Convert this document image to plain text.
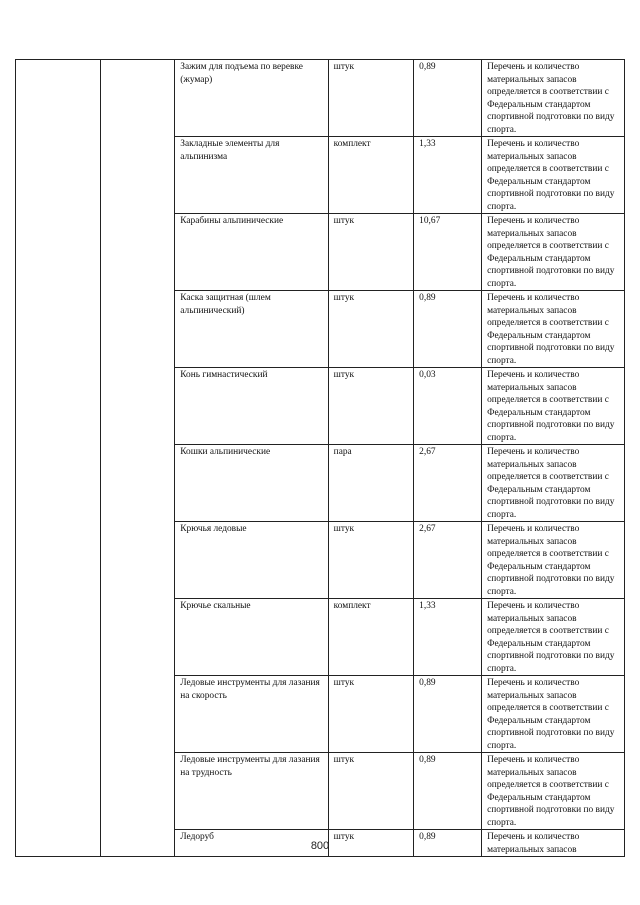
		Зажим для подъема по веревке (жумар)	штук	0,89	Перечень и количество материальных запасов определяется в соответствии с Федеральным стандартом спортивной подготовки по виду спорта.
		Закладные элементы для альпинизма	комплект	1,33	Перечень и количество материальных запасов определяется в соответствии с Федеральным стандартом спортивной подготовки по виду спорта.
		Карабины альпинические	штук	10,67	Перечень и количество материальных запасов определяется в соответствии с Федеральным стандартом спортивной подготовки по виду спорта.
		Каска защитная (шлем альпинический)	штук	0,89	Перечень и количество материальных запасов определяется в соответствии с Федеральным стандартом спортивной подготовки по виду спорта.
		Конь гимнастический	штук	0,03	Перечень и количество материальных запасов определяется в соответствии с Федеральным стандартом спортивной подготовки по виду спорта.
		Кошки альпинические	пара	2,67	Перечень и количество материальных запасов определяется в соответствии с Федеральным стандартом спортивной подготовки по виду спорта.
		Крючья ледовые	штук	2,67	Перечень и количество материальных запасов определяется в соответствии с Федеральным стандартом спортивной подготовки по виду спорта.
		Крючье скальные	комплект	1,33	Перечень и количество материальных запасов определяется в соответствии с Федеральным стандартом спортивной подготовки по виду спорта.
		Ледовые инструменты для лазания на скорость	штук	0,89	Перечень и количество материальных запасов определяется в соответствии с Федеральным стандартом спортивной подготовки по виду спорта.
		Ледовые инструменты для лазания на трудность	штук	0,89	Перечень и количество материальных запасов определяется в соответствии с Федеральным стандартом спортивной подготовки по виду спорта.
		Ледоруб	штук	0,89	Перечень и количество материальных запасов
800
